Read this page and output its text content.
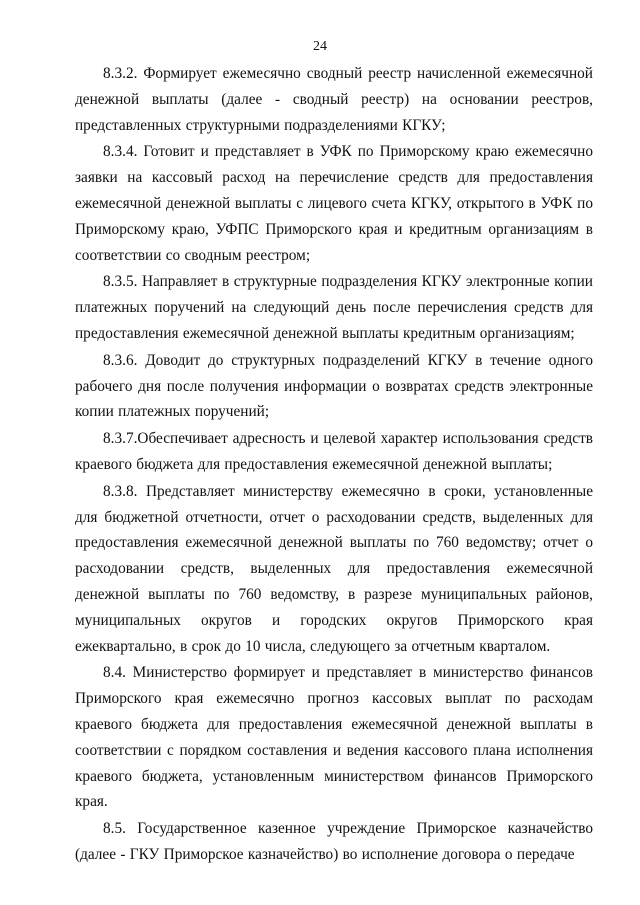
24

8.3.2. Формирует ежемесячно сводный реестр начисленной ежемесячной денежной выплаты (далее - сводный реестр) на основании реестров, представленных структурными подразделениями КГКУ;

8.3.4. Готовит и представляет в УФК по Приморскому краю ежемесячно заявки на кассовый расход на перечисление средств для предоставления ежемесячной денежной выплаты с лицевого счета КГКУ, открытого в УФК по Приморскому краю, УФПС Приморского края и кредитным организациям в соответствии со сводным реестром;

8.3.5. Направляет в структурные подразделения КГКУ электронные копии платежных поручений на следующий день после перечисления средств для предоставления ежемесячной денежной выплаты кредитным организациям;

8.3.6. Доводит до структурных подразделений КГКУ в течение одного рабочего дня после получения информации о возвратах средств электронные копии платежных поручений;

8.3.7.Обеспечивает адресность и целевой характер использования средств краевого бюджета для предоставления ежемесячной денежной выплаты;

8.3.8. Представляет министерству ежемесячно в сроки, установленные для бюджетной отчетности, отчет о расходовании средств, выделенных для предоставления ежемесячной денежной выплаты по 760 ведомству; отчет о расходовании средств, выделенных для предоставления ежемесячной денежной выплаты по 760 ведомству, в разрезе муниципальных районов, муниципальных округов и городских округов Приморского края ежеквартально, в срок до 10 числа, следующего за отчетным кварталом.

8.4. Министерство формирует и представляет в министерство финансов Приморского края ежемесячно прогноз кассовых выплат по расходам краевого бюджета для предоставления ежемесячной денежной выплаты в соответствии с порядком составления и ведения кассового плана исполнения краевого бюджета, установленным министерством финансов Приморского края.

8.5. Государственное казенное учреждение Приморское казначейство (далее - ГКУ Приморское казначейство) во исполнение договора о передаче
